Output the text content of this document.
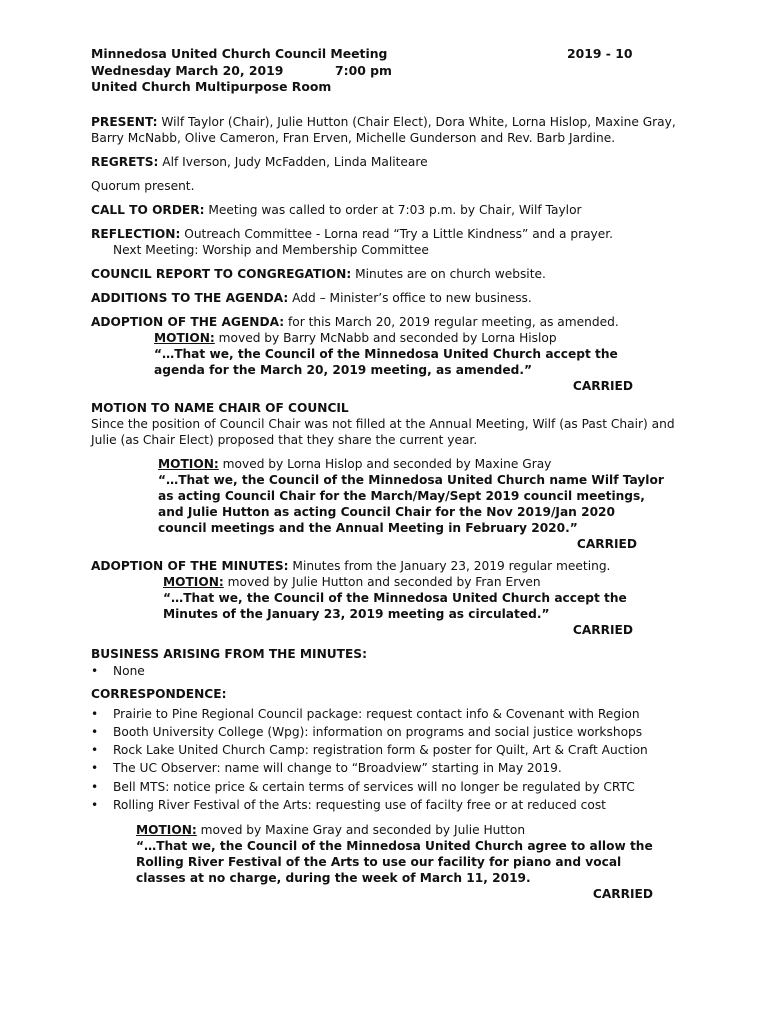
Minnedosa United Church Council Meeting	2019 - 10
Wednesday March 20, 2019	7:00 pm
United Church Multipurpose Room

PRESENT: Wilf Taylor (Chair), Julie Hutton (Chair Elect), Dora White, Lorna Hislop, Maxine Gray, Barry McNabb, Olive Cameron, Fran Erven, Michelle Gunderson and Rev. Barb Jardine.

REGRETS: Alf Iverson, Judy McFadden, Linda Maliteare

Quorum present.

CALL TO ORDER: Meeting was called to order at 7:03 p.m. by Chair, Wilf Taylor

REFLECTION: Outreach Committee - Lorna read “Try a Little Kindness” and a prayer.

Next Meeting: Worship and Membership Committee

COUNCIL REPORT TO CONGREGATION: Minutes are on church website.

ADDITIONS TO THE AGENDA: Add – Minister’s office to new business.

ADOPTION OF THE AGENDA: for this March 20, 2019 regular meeting, as amended.

MOTION: moved by Barry McNabb and seconded by Lorna Hislop

“…That we, the Council of the Minnedosa United Church accept the

agenda for the March 20, 2019 meeting, as amended.”

CARRIED

MOTION TO NAME CHAIR OF COUNCIL

Since the position of Council Chair was not filled at the Annual Meeting, Wilf (as Past Chair) and Julie (as Chair Elect) proposed that they share the current year.

MOTION: moved by Lorna Hislop and seconded by Maxine Gray

“…That we, the Council of the Minnedosa United Church name Wilf Taylor

as acting Council Chair for the March/May/Sept 2019 council meetings,

and Julie Hutton as acting Council Chair for the Nov 2019/Jan 2020

council meetings and the Annual Meeting in February 2020.”

CARRIED

ADOPTION OF THE MINUTES: Minutes from the January 23, 2019 regular meeting.

MOTION: moved by Julie Hutton and seconded by Fran Erven

“…That we, the Council of the Minnedosa United Church accept the

Minutes of the January 23, 2019 meeting as circulated.”

CARRIED

BUSINESS ARISING FROM THE MINUTES:

• None

CORRESPONDENCE:

• Prairie to Pine Regional Council package: request contact info & Covenant with Region
• Booth University College (Wpg): information on programs and social justice workshops
• Rock Lake United Church Camp: registration form & poster for Quilt, Art & Craft Auction
• The UC Observer: name will change to “Broadview” starting in May 2019.
• Bell MTS: notice price & certain terms of services will no longer be regulated by CRTC
• Rolling River Festival of the Arts: requesting use of facilty free or at reduced cost

MOTION: moved by Maxine Gray and seconded by Julie Hutton

“…That we, the Council of the Minnedosa United Church agree to allow the

Rolling River Festival of the Arts to use our facility for piano and vocal

classes at no charge, during the week of March 11, 2019.

CARRIED
